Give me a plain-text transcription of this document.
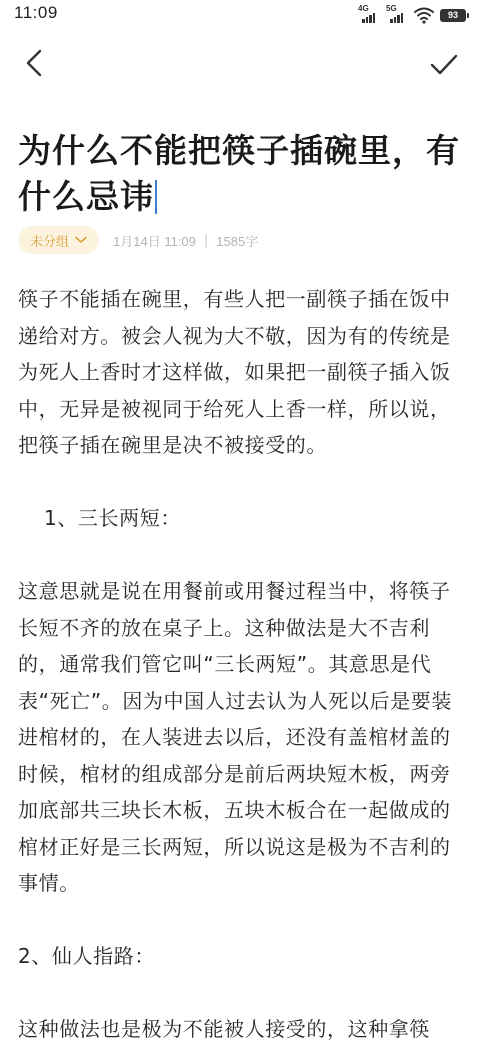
11:09	4G 5G
93
为什么不能把筷子插碗里，有什么忌讳
未分组	1月14日 11:09 | 1585字

筷子不能插在碗里，有些人把一副筷子插在饭中递给对方。被会人视为大不敬，因为有的传统是为死人上香时才这样做，如果把一副筷子插入饭中，无异是被视同于给死人上香一样，所以说，把筷子插在碗里是决不被接受的。

1、三长两短：

这意思就是说在用餐前或用餐过程当中，将筷子长短不齐的放在桌子上。这种做法是大不吉利的，通常我们管它叫“三长两短”。其意思是代表“死亡”。因为中国人过去认为人死以后是要装进棺材的，在人装进去以后，还没有盖棺材盖的时候，棺材的组成部分是前后两块短木板，两旁加底部共三块长木板，五块木板合在一起做成的棺材正好是三长两短，所以说这是极为不吉利的事情。

2、仙人指路：

这种做法也是极为不能被人接受的，这种拿筷
